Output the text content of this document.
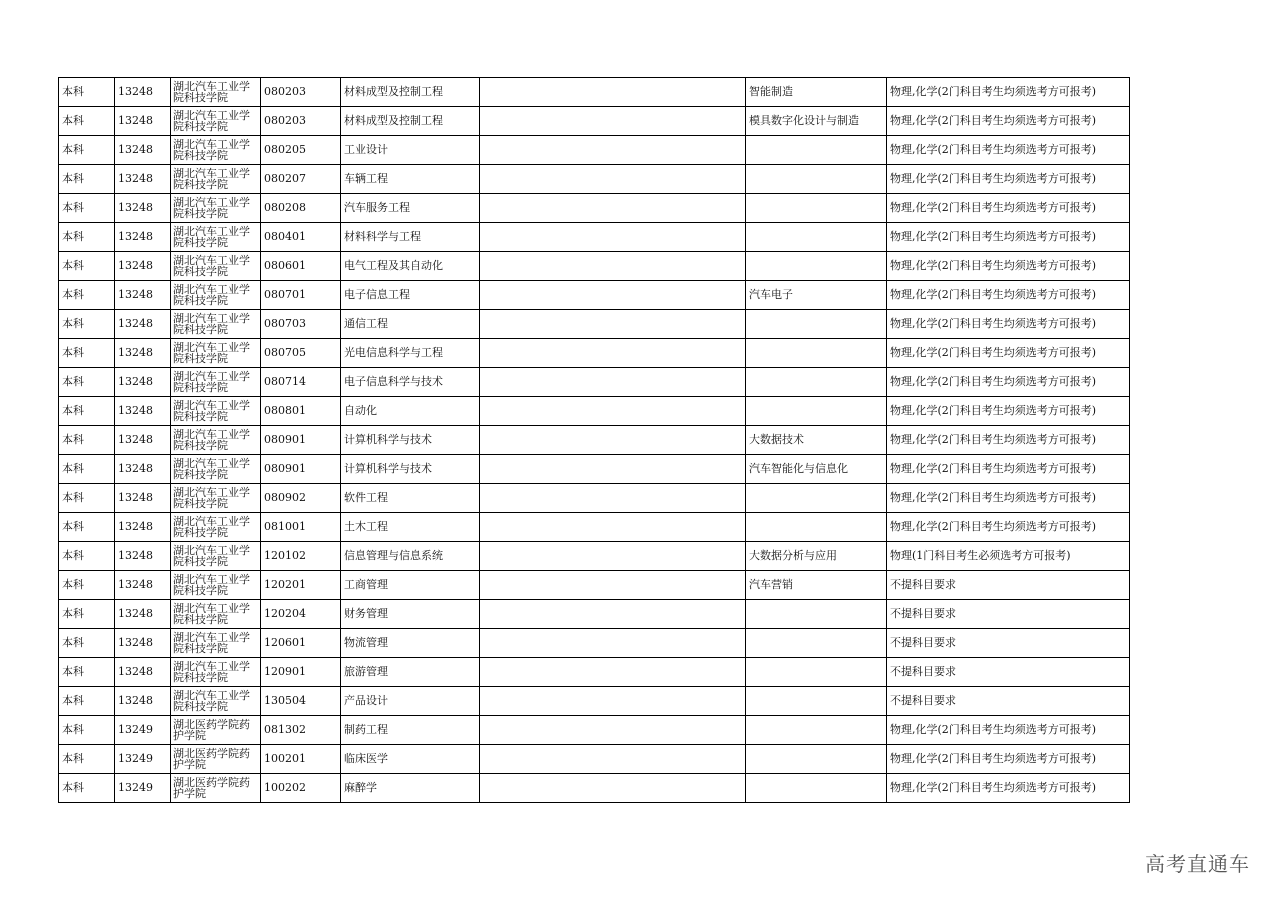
本科	13248	湖北汽车工业学院科技学院	080203	材料成型及控制工程		智能制造	物理,化学(2门科目考生均须选考方可报考)
本科	13248	湖北汽车工业学院科技学院	080203	材料成型及控制工程		模具数字化设计与制造	物理,化学(2门科目考生均须选考方可报考)
本科	13248	湖北汽车工业学院科技学院	080205	工业设计			物理,化学(2门科目考生均须选考方可报考)
本科	13248	湖北汽车工业学院科技学院	080207	车辆工程			物理,化学(2门科目考生均须选考方可报考)
本科	13248	湖北汽车工业学院科技学院	080208	汽车服务工程			物理,化学(2门科目考生均须选考方可报考)
本科	13248	湖北汽车工业学院科技学院	080401	材料科学与工程			物理,化学(2门科目考生均须选考方可报考)
本科	13248	湖北汽车工业学院科技学院	080601	电气工程及其自动化			物理,化学(2门科目考生均须选考方可报考)
本科	13248	湖北汽车工业学院科技学院	080701	电子信息工程		汽车电子	物理,化学(2门科目考生均须选考方可报考)
本科	13248	湖北汽车工业学院科技学院	080703	通信工程			物理,化学(2门科目考生均须选考方可报考)
本科	13248	湖北汽车工业学院科技学院	080705	光电信息科学与工程			物理,化学(2门科目考生均须选考方可报考)
本科	13248	湖北汽车工业学院科技学院	080714	电子信息科学与技术			物理,化学(2门科目考生均须选考方可报考)
本科	13248	湖北汽车工业学院科技学院	080801	自动化			物理,化学(2门科目考生均须选考方可报考)
本科	13248	湖北汽车工业学院科技学院	080901	计算机科学与技术		大数据技术	物理,化学(2门科目考生均须选考方可报考)
本科	13248	湖北汽车工业学院科技学院	080901	计算机科学与技术		汽车智能化与信息化	物理,化学(2门科目考生均须选考方可报考)
本科	13248	湖北汽车工业学院科技学院	080902	软件工程			物理,化学(2门科目考生均须选考方可报考)
本科	13248	湖北汽车工业学院科技学院	081001	土木工程			物理,化学(2门科目考生均须选考方可报考)
本科	13248	湖北汽车工业学院科技学院	120102	信息管理与信息系统		大数据分析与应用	物理(1门科目考生必须选考方可报考)
本科	13248	湖北汽车工业学院科技学院	120201	工商管理		汽车营销	不提科目要求
本科	13248	湖北汽车工业学院科技学院	120204	财务管理			不提科目要求
本科	13248	湖北汽车工业学院科技学院	120601	物流管理			不提科目要求
本科	13248	湖北汽车工业学院科技学院	120901	旅游管理			不提科目要求
本科	13248	湖北汽车工业学院科技学院	130504	产品设计			不提科目要求
本科	13249	湖北医药学院药护学院	081302	制药工程			物理,化学(2门科目考生均须选考方可报考)
本科	13249	湖北医药学院药护学院	100201	临床医学			物理,化学(2门科目考生均须选考方可报考)
本科	13249	湖北医药学院药护学院	100202	麻醉学			物理,化学(2门科目考生均须选考方可报考)
高考直通车
